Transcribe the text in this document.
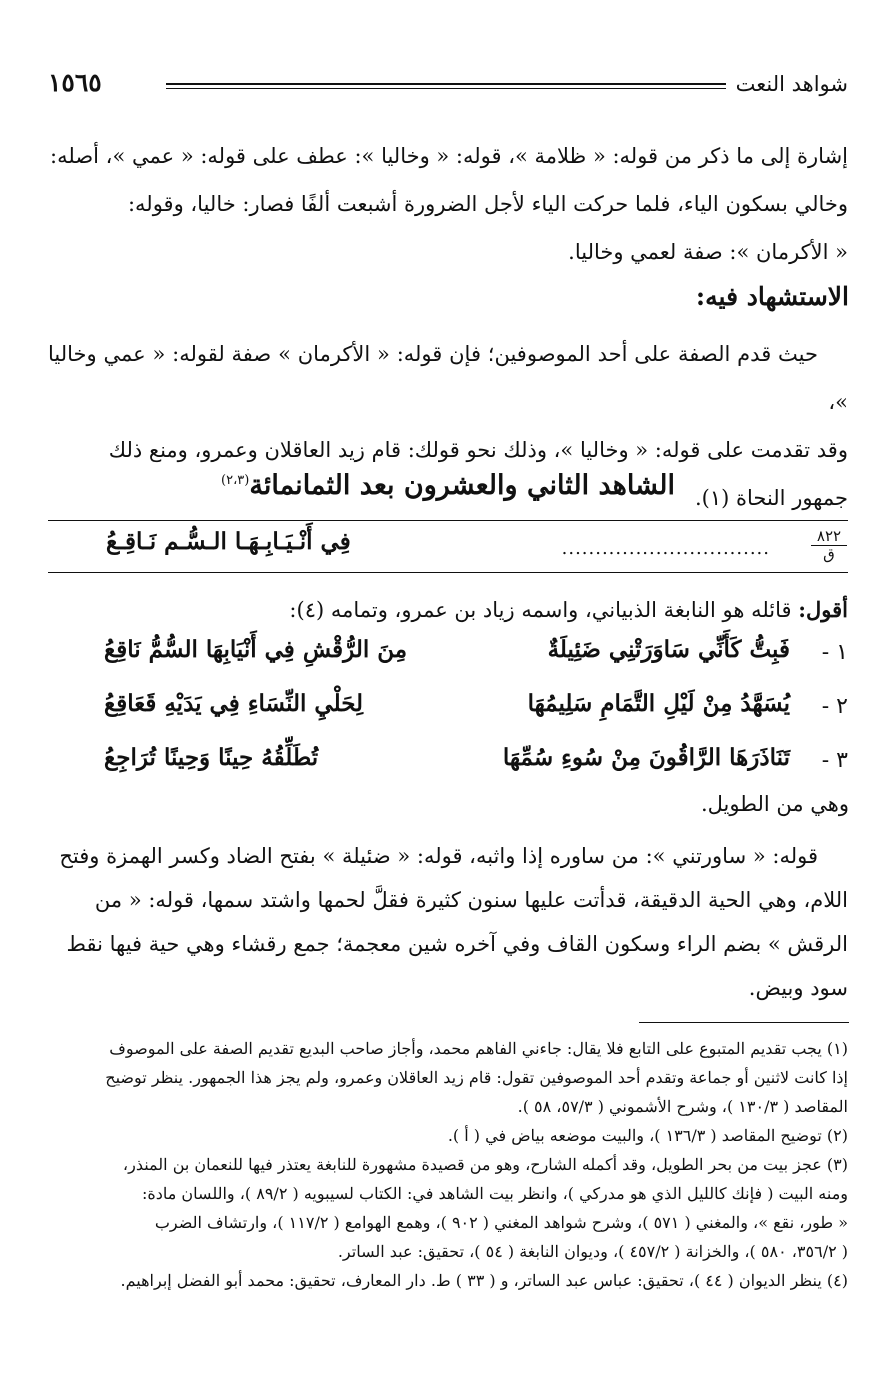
شواهد النعت
١٥٦٥

إشارة إلى ما ذكر من قوله: « ظلامة »، قوله: « وخاليا »: عطف على قوله: « عمي »، أصله:

وخالي بسكون الياء، فلما حركت الياء لأجل الضرورة أشبعت ألفًا فصار: خاليا، وقوله:

« الأكرمان »: صفة لعمي وخاليا.

الاستشهاد فيه:

حيث قدم الصفة على أحد الموصوفين؛ فإن قوله: « الأكرمان » صفة لقوله: « عمي وخاليا »،

وقد تقدمت على قوله: « وخاليا »، وذلك نحو قولك: قام زيد العاقلان وعمرو، ومنع ذلك

جمهور النحاة (١).

الشاهد الثاني والعشرون بعد الثمانمائة$^{(٢،٣)}$
٨٢٢
ق
...............................
فِي أَنْـيَـابِـهَـا الـسُّـم نَـاقِـعُ
أقول: قائله هو النابغة الذبياني، واسمه زياد بن عمرو، وتمامه (٤):
١ -
فَبِتُّ كَأَنِّي سَاوَرَتْنِي ضَئِيلَةٌ
مِنَ الرُّقْشِ فِي أَنْيَابِهَا السُّمُّ نَاقِعُ
٢ -
يُسَهَّدُ مِنْ لَيْلِ التَّمَامِ سَلِيمُهَا
لِحَلْيِ النِّسَاءِ فِي يَدَيْهِ قَعَاقِعُ
٣ -
تَنَاذَرَهَا الرَّاقُونَ مِنْ سُوءِ سُمِّهَا
تُطَلِّقُهُ حِينًا وَحِينًا تُرَاجِعُ
وهي من الطويل.

قوله: « ساورتني »: من ساوره إذا واثبه، قوله: « ضئيلة » بفتح الضاد وكسر الهمزة وفتح

اللام، وهي الحية الدقيقة، قدأتت عليها سنون كثيرة فقلَّ لحمها واشتد سمها، قوله: « من

الرقش » بضم الراء وسكون القاف وفي آخره شين معجمة؛ جمع رقشاء وهي حية فيها نقط

سود وبيض.

(١) يجب تقديم المتبوع على التابع فلا يقال: جاءني الفاهم محمد، وأجاز صاحب البديع تقديم الصفة على الموصوف

إذا كانت لاثنين أو جماعة وتقدم أحد الموصوفين تقول: قام زيد العاقلان وعمرو، ولم يجز هذا الجمهور. ينظر توضيح

المقاصد ( ١٣٠/٣ )، وشرح الأشموني ( ٥٧/٣، ٥٨ ).

(٢) توضيح المقاصد ( ١٣٦/٣ )، والبيت موضعه بياض في ( أ ).

(٣) عجز بيت من بحر الطويل، وقد أكمله الشارح، وهو من قصيدة مشهورة للنابغة يعتذر فيها للنعمان بن المنذر،

ومنه البيت ( فإنك كالليل الذي هو مدركي )، وانظر بيت الشاهد في: الكتاب لسيبويه ( ٨٩/٢ )، واللسان مادة:

« طور، نقع »، والمغني ( ٥٧١ )، وشرح شواهد المغني ( ٩٠٢ )، وهمع الهوامع ( ١١٧/٢ )، وارتشاف الضرب

( ٣٥٦/٢، ٥٨٠ )، والخزانة ( ٤٥٧/٢ )، وديوان النابغة ( ٥٤ )، تحقيق: عبد الساتر.

(٤) ينظر الديوان ( ٤٤ )، تحقيق: عباس عبد الساتر، و ( ٣٣ ) ط. دار المعارف، تحقيق: محمد أبو الفضل إبراهيم.
